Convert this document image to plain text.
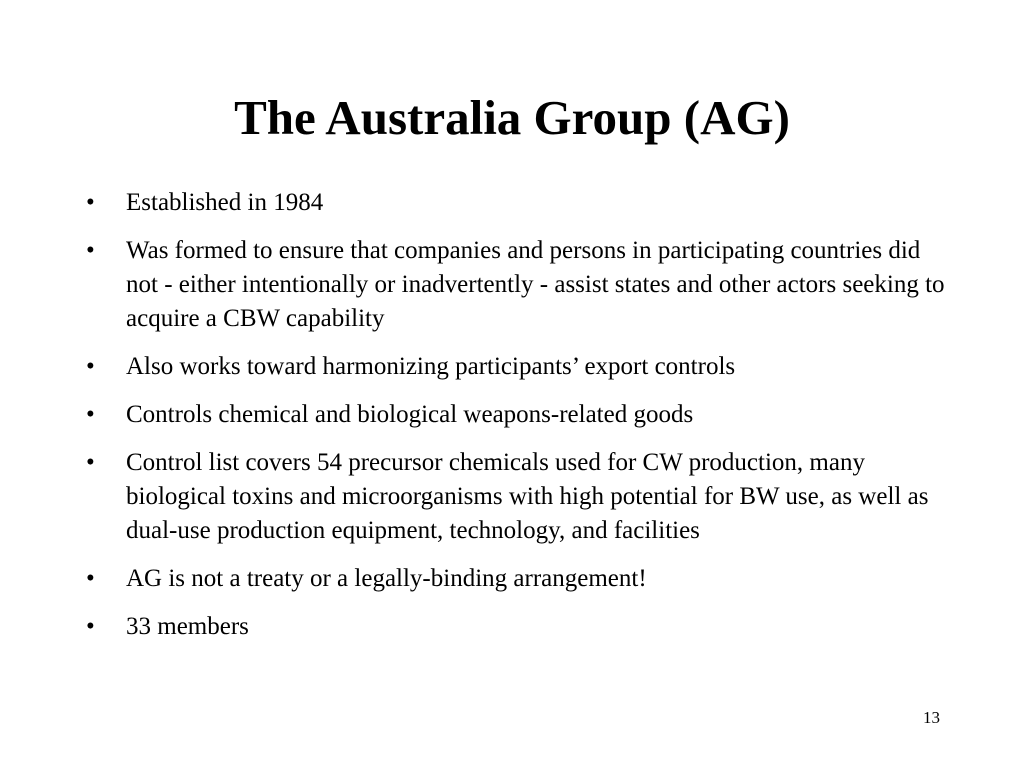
The Australia Group (AG)
• Established in 1984
• Was formed to ensure that companies and persons in participating countries did not - either intentionally or inadvertently - assist states and other actors seeking to acquire a CBW capability
• Also works toward harmonizing participants’ export controls
• Controls chemical and biological weapons-related goods
• Control list covers 54 precursor chemicals used for CW production, many biological toxins and microorganisms with high potential for BW use, as well as dual-use production equipment, technology, and facilities
• AG is not a treaty or a legally-binding arrangement!
• 33 members
13
